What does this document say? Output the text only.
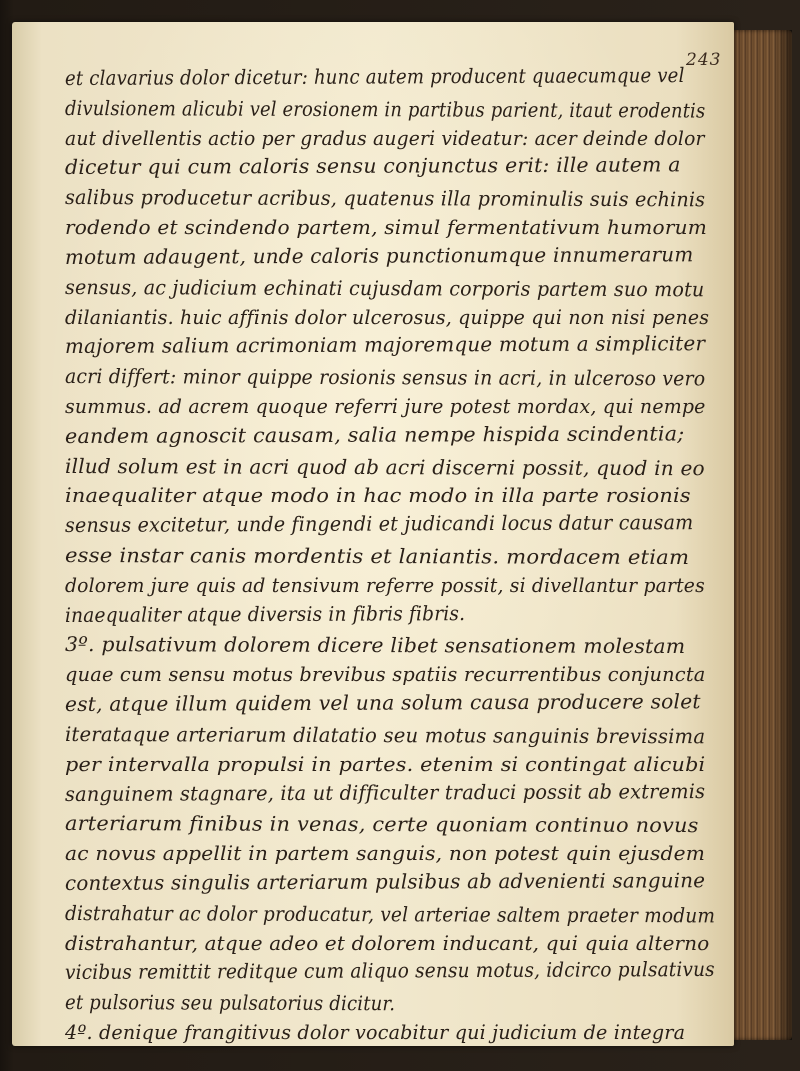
243
et clavarius dolor dicetur: hunc autem producent quaecumque vel
divulsionem alicubi vel erosionem in partibus parient, itaut erodentis
aut divellentis actio per gradus augeri videatur: acer deinde dolor
dicetur qui cum caloris sensu conjunctus erit: ille autem a
salibus producetur acribus, quatenus illa prominulis suis echinis
rodendo et scindendo partem, simul fermentativum humorum
motum adaugent, unde caloris punctionumque innumerarum
sensus, ac judicium echinati cujusdam corporis partem suo motu
dilaniantis. huic affinis dolor ulcerosus, quippe qui non nisi penes
majorem salium acrimoniam majoremque motum a simpliciter
acri differt: minor quippe rosionis sensus in acri, in ulceroso vero
summus. ad acrem quoque referri jure potest mordax, qui nempe
eandem agnoscit causam, salia nempe hispida scindentia;
illud solum est in acri quod ab acri discerni possit, quod in eo
inaequaliter atque modo in hac modo in illa parte rosionis
sensus excitetur, unde fingendi et judicandi locus datur causam
esse instar canis mordentis et laniantis. mordacem etiam
dolorem jure quis ad tensivum referre possit, si divellantur partes
inaequaliter atque diversis in fibris fibris.
3º. pulsativum dolorem dicere libet sensationem molestam
quae cum sensu motus brevibus spatiis recurrentibus conjuncta
est, atque illum quidem vel una solum causa producere solet
iterataque arteriarum dilatatio seu motus sanguinis brevissima
per intervalla propulsi in partes. etenim si contingat alicubi
sanguinem stagnare, ita ut difficulter traduci possit ab extremis
arteriarum finibus in venas, certe quoniam continuo novus
ac novus appellit in partem sanguis, non potest quin ejusdem
contextus singulis arteriarum pulsibus ab advenienti sanguine
distrahatur ac dolor producatur, vel arteriae saltem praeter modum
distrahantur, atque adeo et dolorem inducant, qui quia alterno
vicibus remittit reditque cum aliquo sensu motus, idcirco pulsativus
et pulsorius seu pulsatorius dicitur.
4º. denique frangitivus dolor vocabitur qui judicium de integra
